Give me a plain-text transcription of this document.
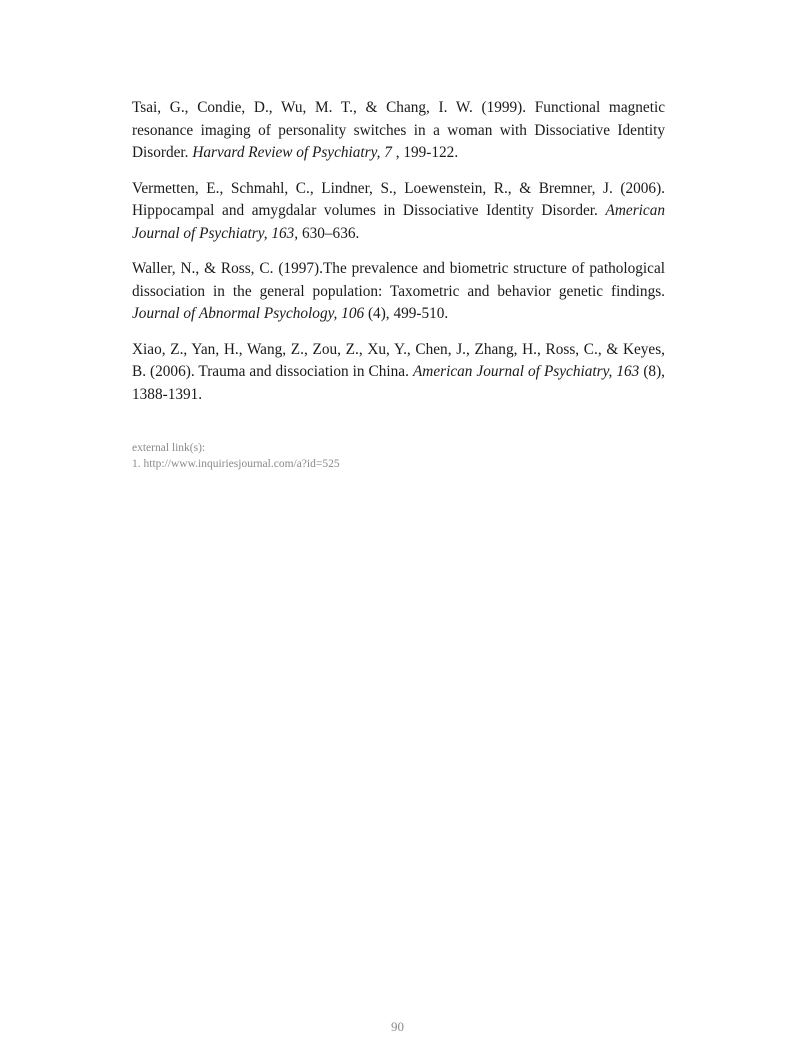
Tsai, G., Condie, D., Wu, M. T., & Chang, I. W. (1999). Functional magnetic resonance imaging of personality switches in a woman with Dissociative Identity Disorder. Harvard Review of Psychiatry, 7 , 199-122.

Vermetten, E., Schmahl, C., Lindner, S., Loewenstein, R., & Bremner, J. (2006). Hippocampal and amygdalar volumes in Dissociative Identity Disorder. American Journal of Psychiatry, 163, 630–636.

Waller, N., & Ross, C. (1997).The prevalence and biometric structure of pathological dissociation in the general population: Taxometric and behavior genetic findings. Journal of Abnormal Psychology, 106 (4), 499-510.

Xiao, Z., Yan, H., Wang, Z., Zou, Z., Xu, Y., Chen, J., Zhang, H., Ross, C., & Keyes, B. (2006). Trauma and dissociation in China. American Journal of Psychiatry, 163 (8), 1388-1391.

external link(s):
1. http://www.inquiriesjournal.com/a?id=525
90
